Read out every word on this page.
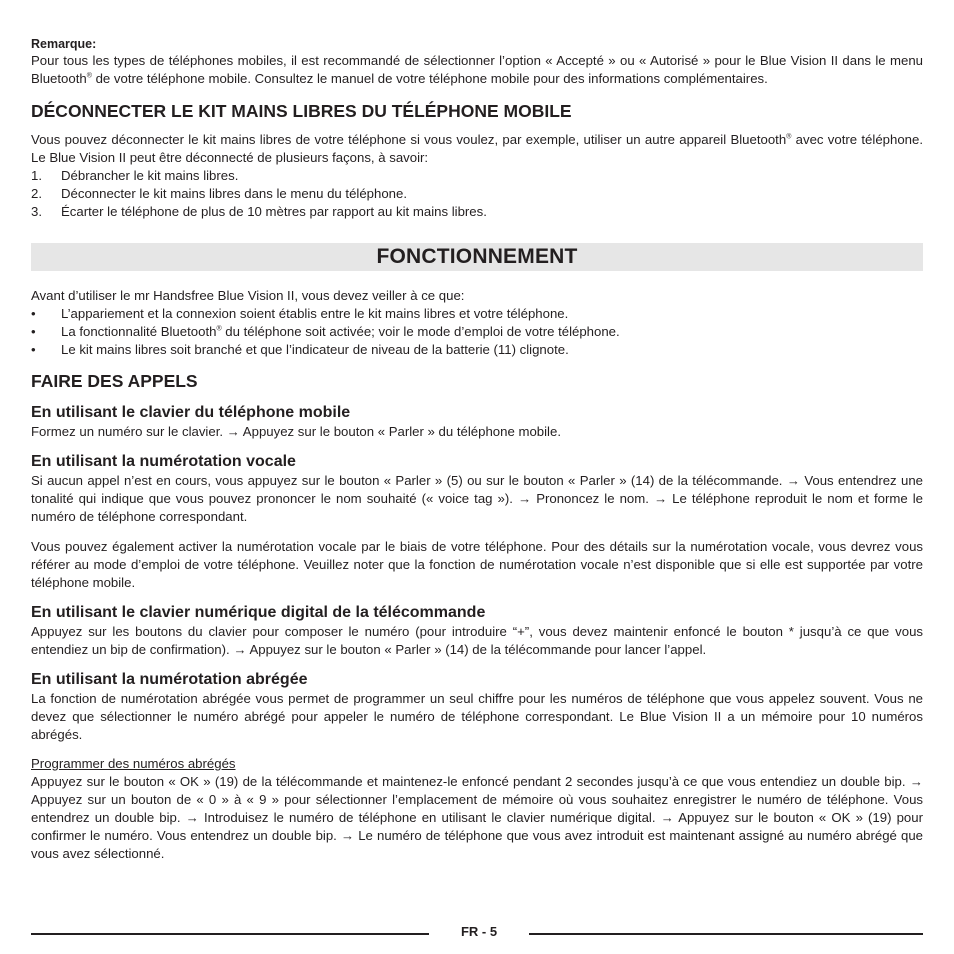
Remarque:

Pour tous les types de téléphones mobiles, il est recommandé de sélectionner l’option « Accepté » ou « Autorisé » pour le Blue Vision II dans le menu Bluetooth® de votre téléphone mobile. Consultez le manuel de votre téléphone mobile pour des informations complémentaires.

DÉCONNECTER LE KIT MAINS LIBRES DU TÉLÉPHONE MOBILE

Vous pouvez déconnecter le kit mains libres de votre téléphone si vous voulez, par exemple, utiliser un autre appareil Bluetooth® avec votre téléphone. Le Blue Vision II peut être déconnecté de plusieurs façons, à savoir:

1.	Débrancher le kit mains libres.
2.	Déconnecter le kit mains libres dans le menu du téléphone.
3.	Écarter le téléphone de plus de 10 mètres par rapport au kit mains libres.
FONCTIONNEMENT

Avant d’utiliser le mr Handsfree Blue Vision II, vous devez veiller à ce que:

•	L’appariement et la connexion soient établis entre le kit mains libres et votre téléphone.
•	La fonctionnalité Bluetooth® du téléphone soit activée; voir le mode d’emploi de votre téléphone.
•	Le kit mains libres soit branché et que l’indicateur de niveau de la batterie (11) clignote.
FAIRE DES APPELS
En utilisant le clavier du téléphone mobile

Formez un numéro sur le clavier. → Appuyez sur le bouton « Parler » du téléphone mobile.

En utilisant la numérotation vocale

Si aucun appel n’est en cours, vous appuyez sur le bouton « Parler » (5) ou sur le bouton « Parler » (14) de la télécommande. → Vous entendrez une tonalité qui indique que vous pouvez prononcer le nom souhaité (« voice tag »). → Prononcez le nom. → Le téléphone reproduit le nom et forme le numéro de téléphone correspondant.

Vous pouvez également activer la numérotation vocale par le biais de votre téléphone. Pour des détails sur la numérotation vocale, vous devrez vous référer au mode d’emploi de votre téléphone. Veuillez noter que la fonction de numérotation vocale n’est disponible que si elle est supportée par votre téléphone mobile.

En utilisant le clavier numérique digital de la télécommande

Appuyez sur les boutons du clavier pour composer le numéro (pour introduire “+”, vous devez maintenir enfoncé le bouton * jusqu’à ce que vous entendiez un bip de confirmation). → Appuyez sur le bouton « Parler » (14) de la télécommande pour lancer l’appel.

En utilisant la numérotation abrégée

La fonction de numérotation abrégée vous permet de programmer un seul chiffre pour les numéros de téléphone que vous appelez souvent. Vous ne devez que sélectionner le numéro abrégé pour appeler le numéro de téléphone correspondant. Le Blue Vision II a un mémoire pour 10 numéros abrégés.

Programmer des numéros abrégés

Appuyez sur le bouton « OK » (19) de la télécommande et maintenez-le enfoncé pendant 2 secondes jusqu’à ce que vous entendiez un double bip. → Appuyez sur un bouton de « 0 » à « 9 » pour sélectionner l’emplacement de mémoire où vous souhaitez enregistrer le numéro de téléphone. Vous entendrez un double bip. → Introduisez le numéro de téléphone en utilisant le clavier numérique digital. → Appuyez sur le bouton « OK » (19) pour confirmer le numéro. Vous entendrez un double bip. → Le numéro de téléphone que vous avez introduit est maintenant assigné au numéro abrégé que vous avez sélectionné.

FR - 5
